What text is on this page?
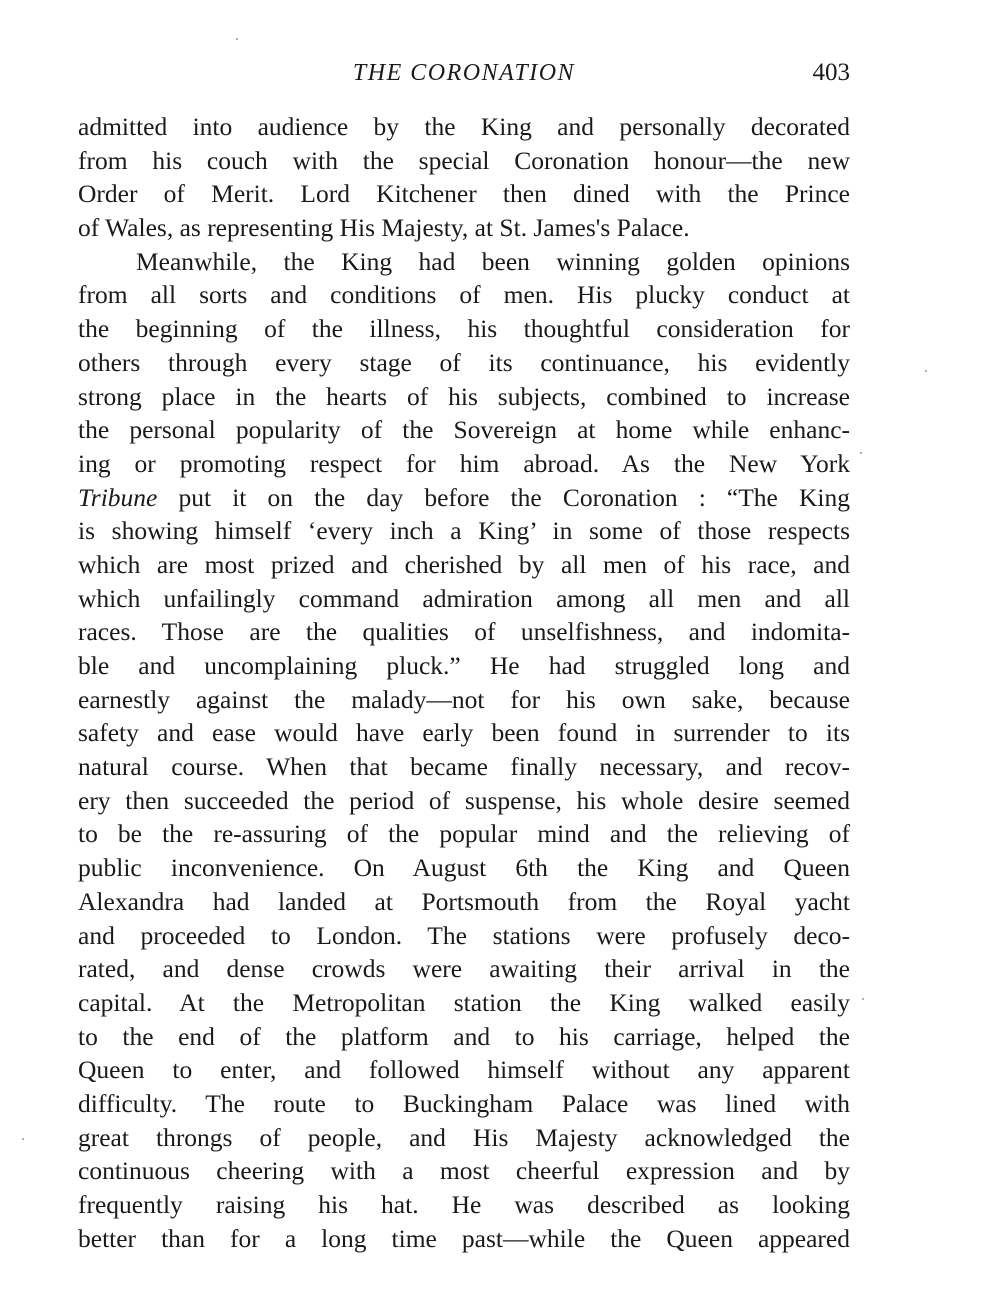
THE CORONATION	403
admitted into audience by the King and personally decorated
from his couch with the special Coronation honour—the new
Order of Merit. Lord Kitchener then dined with the Prince
of Wales, as representing His Majesty, at St. James's Palace.
Meanwhile, the King had been winning golden opinions
from all sorts and conditions of men. His plucky conduct at
the beginning of the illness, his thoughtful consideration for
others through every stage of its continuance, his evidently
strong place in the hearts of his subjects, combined to increase
the personal popularity of the Sovereign at home while enhanc-
ing or promoting respect for him abroad. As the New York
Tribune put it on the day before the Coronation : “The King
is showing himself ‘every inch a King’ in some of those respects
which are most prized and cherished by all men of his race, and
which unfailingly command admiration among all men and all
races. Those are the qualities of unselfishness, and indomita-
ble and uncomplaining pluck.” He had struggled long and
earnestly against the malady—not for his own sake, because
safety and ease would have early been found in surrender to its
natural course. When that became finally necessary, and recov-
ery then succeeded the period of suspense, his whole desire seemed
to be the re-assuring of the popular mind and the relieving of
public inconvenience. On August 6th the King and Queen
Alexandra had landed at Portsmouth from the Royal yacht
and proceeded to London. The stations were profusely deco-
rated, and dense crowds were awaiting their arrival in the
capital. At the Metropolitan station the King walked easily
to the end of the platform and to his carriage, helped the
Queen to enter, and followed himself without any apparent
difficulty. The route to Buckingham Palace was lined with
great throngs of people, and His Majesty acknowledged the
continuous cheering with a most cheerful expression and by
frequently raising his hat. He was described as looking
better than for a long time past—while the Queen appeared
